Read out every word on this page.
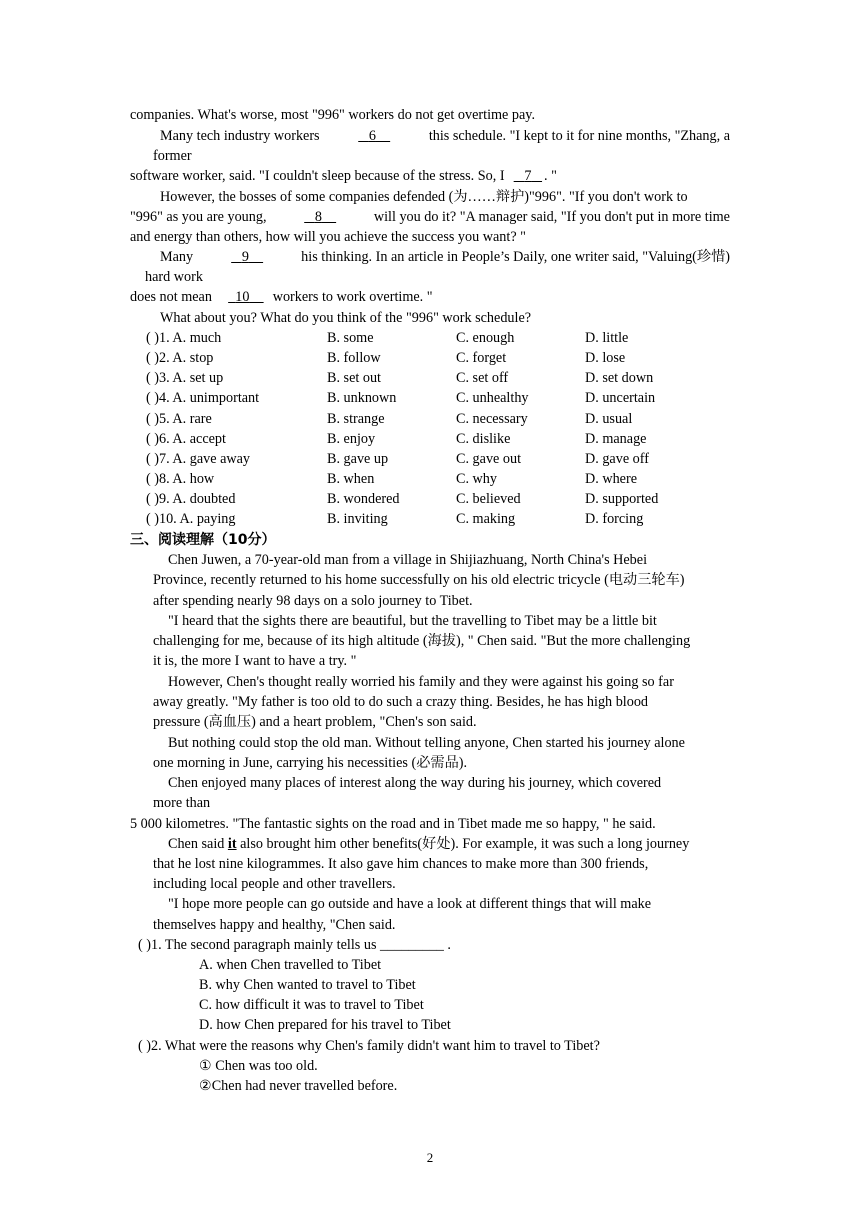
companies. What's worse, most "996" workers do not get overtime pay.
Many tech industry workers	6	this schedule. "I kept to it for nine months, "Zhang, a
former
software worker, said. "I couldn't sleep because of the stress. So, I 7 . "
However, the bosses of some companies defended (为……辩护)"996". "If you don't work to
"996" as you are young,	8	will you do it? "A manager said, "If you don't put in more time
and energy than others, how will you achieve the success you want? "
Many	9	his thinking. In an article in People’s Daily, one writer said, "Valuing(珍惜)
hard work
does not mean 10 workers to work overtime. "
What about you? What do you think of the "996" work schedule?
( )1. A. much	B. some	C. enough	D. little
( )2. A. stop	B. follow	C. forget	D. lose
( )3. A. set up	B. set out	C. set off	D. set down
( )4. A. unimportant	B. unknown	C. unhealthy	D. uncertain
( )5. A. rare	B. strange	C. necessary	D. usual
( )6. A. accept	B. enjoy	C. dislike	D. manage
( )7. A. gave away	B. gave up	C. gave out	D. gave off
( )8. A. how	B. when	C. why	D. where
( )9. A. doubted	B. wondered	C. believed	D. supported
( )10. A. paying	B. inviting	C. making	D. forcing
三、阅读理解（10分）
Chen Juwen, a 70-year-old man from a village in Shijiazhuang, North China's Hebei
Province, recently returned to his home successfully on his old electric tricycle (电动三轮车)
after spending nearly 98 days on a solo journey to Tibet.
"I heard that the sights there are beautiful, but the travelling to Tibet may be a little bit
challenging for me, because of its high altitude (海拔), " Chen said. "But the more challenging
it is, the more I want to have a try. "
However, Chen's thought really worried his family and they were against his going so far
away greatly. "My father is too old to do such a crazy thing. Besides, he has high blood
pressure (高血压) and a heart problem, "Chen's son said.
But nothing could stop the old man. Without telling anyone, Chen started his journey alone
one morning in June, carrying his necessities (必需品).
Chen enjoyed many places of interest along the way during his journey, which covered
more than
5 000 kilometres. "The fantastic sights on the road and in Tibet made me so happy, " he said.
Chen said it also brought him other benefits(好处). For example, it was such a long journey
that he lost nine kilogrammes. It also gave him chances to make more than 300 friends,
including local people and other travellers.
"I hope more people can go outside and have a look at different things that will make
themselves happy and healthy, "Chen said.
( )1. The second paragraph mainly tells us _________ .
A. when Chen travelled to Tibet
B. why Chen wanted to travel to Tibet
C. how difficult it was to travel to Tibet
D. how Chen prepared for his travel to Tibet
( )2. What were the reasons why Chen's family didn't want him to travel to Tibet?
① Chen was too old.
②Chen had never travelled before.
2
